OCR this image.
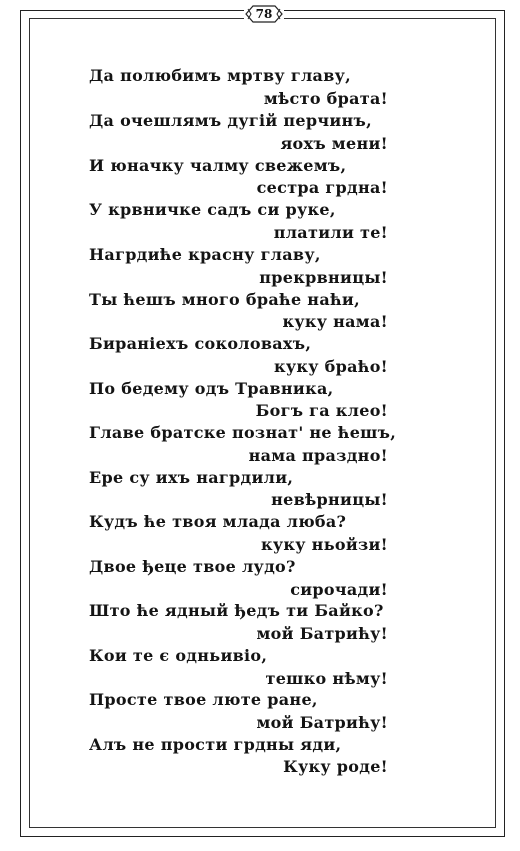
78
Да полюбимъ мртву главу,
мѣсто брата!
Да очешлямъ дугій перчинъ,
яохъ мени!
И юначку чалму свежемъ,
сестра грдна!
У крвничке садъ си руке,
платили те!
Нагрдиће красну главу,
прекрвницы!
Ты ћешъ много браће наћи,
куку нама!
Бираніехъ соколовахъ,
куку браћо!
По бедему одъ Травника,
Богъ га клео!
Главе братске познат' не ћешъ,
нама праздно!
Ере су ихъ нагрдили,
невѣрницы!
Кудъ ће твоя млада люба?
куку ньойзи!
Двое ђеце твое лудо?
сирочади!
Што ће ядный ђедъ ти Байко?
мой Батрићу!
Кои те є одньивіо,
тешко нѣму!
Просте твое люте ране,
мой Батрићу!
Алъ не прости грдны яди,
Куку роде!
